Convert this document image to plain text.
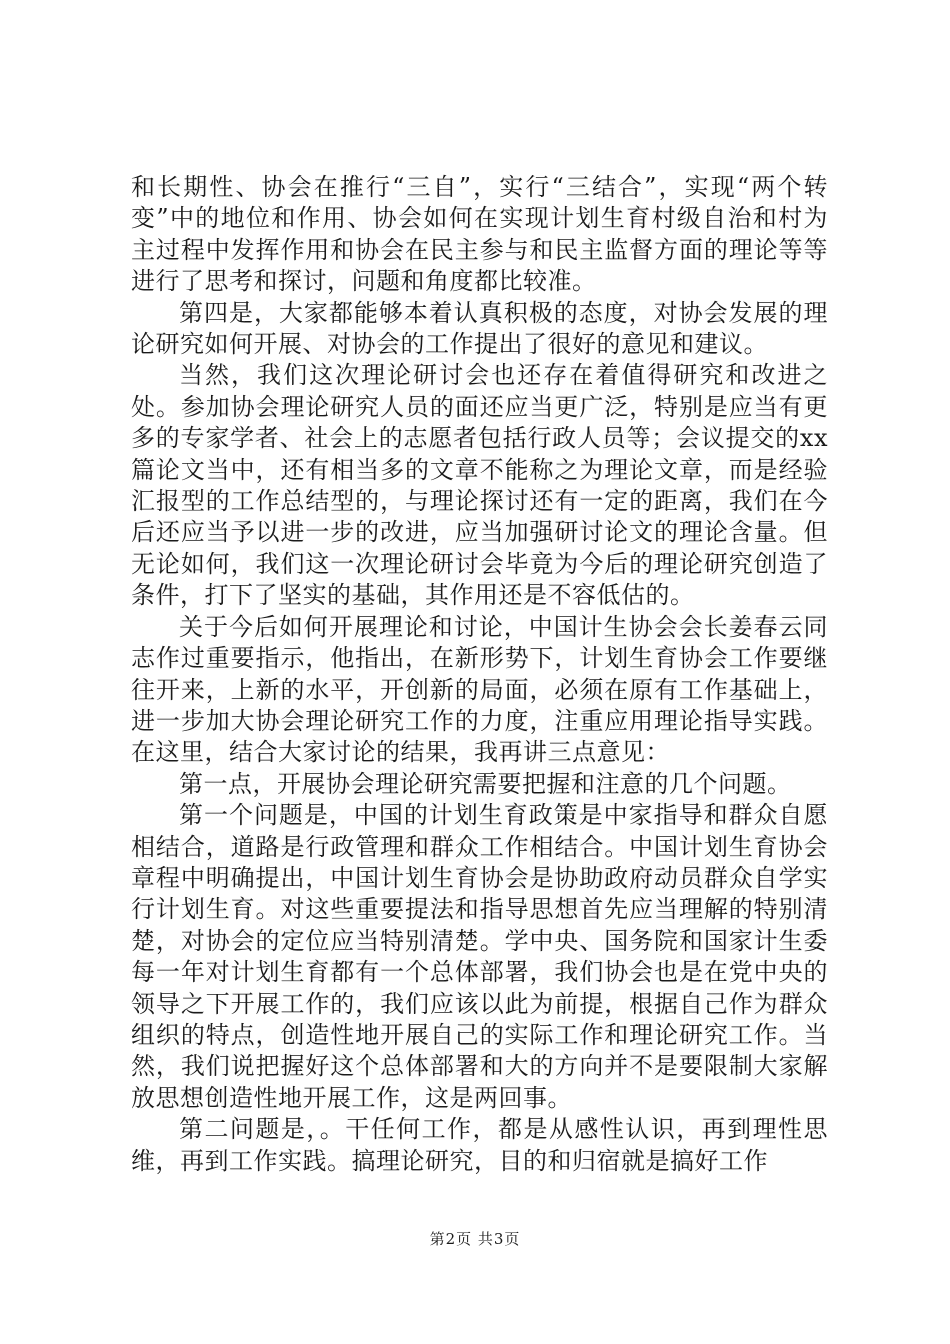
和长期性、协会在推行“三自”，实行“三结合”，实现“两个转变”中的地位和作用、协会如何在实现计划生育村级自治和村为主过程中发挥作用和协会在民主参与和民主监督方面的理论等等进行了思考和探讨，问题和角度都比较准。

第四是，大家都能够本着认真积极的态度，对协会发展的理论研究如何开展、对协会的工作提出了很好的意见和建议。

当然，我们这次理论研讨会也还存在着值得研究和改进之处。参加协会理论研究人员的面还应当更广泛，特别是应当有更多的专家学者、社会上的志愿者包括行政人员等；会议提交的xx篇论文当中，还有相当多的文章不能称之为理论文章，而是经验汇报型的工作总结型的，与理论探讨还有一定的距离，我们在今后还应当予以进一步的改进，应当加强研讨论文的理论含量。但无论如何，我们这一次理论研讨会毕竟为今后的理论研究创造了条件，打下了坚实的基础，其作用还是不容低估的。

关于今后如何开展理论和讨论，中国计生协会会长姜春云同志作过重要指示，他指出，在新形势下，计划生育协会工作要继往开来，上新的水平，开创新的局面，必须在原有工作基础上，进一步加大协会理论研究工作的力度，注重应用理论指导实践。在这里，结合大家讨论的结果，我再讲三点意见：

第一点，开展协会理论研究需要把握和注意的几个问题。

第一个问题是，中国的计划生育政策是中家指导和群众自愿相结合，道路是行政管理和群众工作相结合。中国计划生育协会章程中明确提出，中国计划生育协会是协助政府动员群众自学实行计划生育。对这些重要提法和指导思想首先应当理解的特别清楚，对协会的定位应当特别清楚。学中央、国务院和国家计生委每一年对计划生育都有一个总体部署，我们协会也是在党中央的领导之下开展工作的，我们应该以此为前提，根据自己作为群众组织的特点，创造性地开展自己的实际工作和理论研究工作。当然，我们说把握好这个总体部署和大的方向并不是要限制大家解放思想创造性地开展工作，这是两回事。

第二问题是，。干任何工作，都是从感性认识，再到理性思维，再到工作实践。搞理论研究，目的和归宿就是搞好工作

第2页 共3页
